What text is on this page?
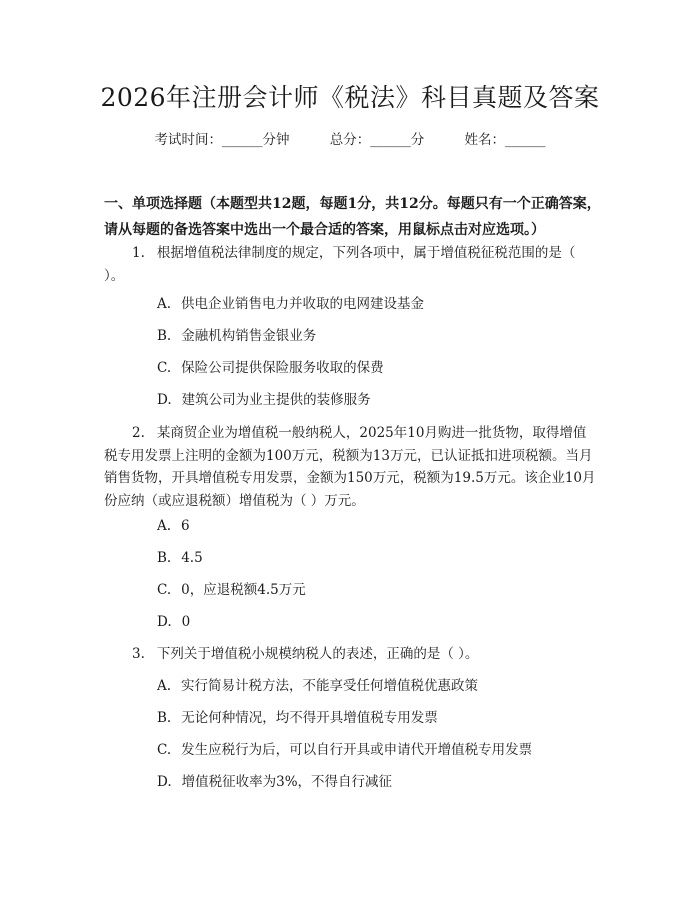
2026年注册会计师《税法》科目真题及答案
考试时间：______分钟	总分：______分	姓名：______
一、单项选择题（本题型共12题，每题1分，共12分。每题只有一个正确答案，请从每题的备选答案中选出一个最合适的答案，用鼠标点击对应选项。）
1. 根据增值税法律制度的规定，下列各项中，属于增值税征税范围的是（ ）。
A. 供电企业销售电力并收取的电网建设基金
B. 金融机构销售金银业务
C. 保险公司提供保险服务收取的保费
D. 建筑公司为业主提供的装修服务
2. 某商贸企业为增值税一般纳税人，2025年10月购进一批货物，取得增值税专用发票上注明的金额为100万元，税额为13万元，已认证抵扣进项税额。当月销售货物，开具增值税专用发票，金额为150万元，税额为19.5万元。该企业10月份应纳（或应退税额）增值税为（ ）万元。
A. 6
B. 4.5
C. 0，应退税额4.5万元
D. 0
3. 下列关于增值税小规模纳税人的表述，正确的是（ ）。
A. 实行简易计税方法，不能享受任何增值税优惠政策
B. 无论何种情况，均不得开具增值税专用发票
C. 发生应税行为后，可以自行开具或申请代开增值税专用发票
D. 增值税征收率为3%，不得自行减征
